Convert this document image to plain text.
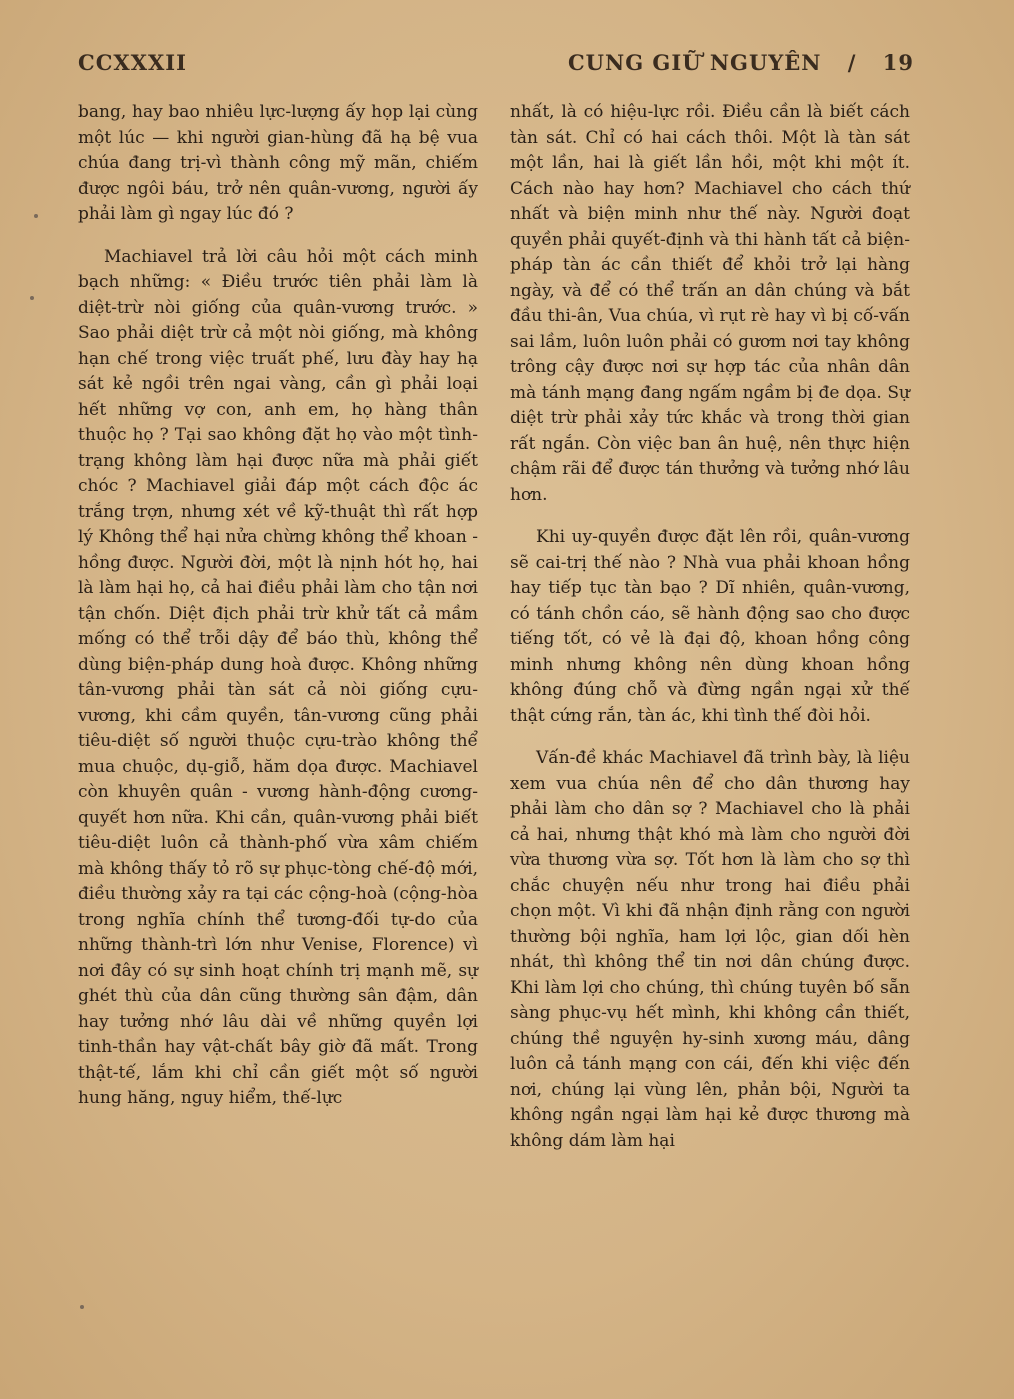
CCXXXII	CUNG GIỮ NGUYÊN / 19

bang, hay bao nhiêu lực-lượng ấy họp lại cùng một lúc — khi người gian-hùng đã hạ bệ vua chúa đang trị-vì thành công mỹ mãn, chiếm được ngôi báu, trở nên quân-vương, người ấy phải làm gì ngay lúc đó ?

Machiavel trả lời câu hỏi một cách minh bạch những: « Điều trước tiên phải làm là diệt-trừ nòi giống của quân-vương trước. » Sao phải diệt trừ cả một nòi giống, mà không hạn chế trong việc truất phế, lưu đày hay hạ sát kẻ ngồi trên ngai vàng, cần gì phải loại hết những vợ con, anh em, họ hàng thân thuộc họ ? Tại sao không đặt họ vào một tình-trạng không làm hại được nữa mà phải giết chóc ? Machiavel giải đáp một cách độc ác trắng trợn, nhưng xét về kỹ-thuật thì rất hợp lý Không thể hại nửa chừng không thể khoan - hồng được. Người đời, một là nịnh hót họ, hai là làm hại họ, cả hai điều phải làm cho tận nơi tận chốn. Diệt địch phải trừ khử tất cả mầm mống có thể trỗi dậy để báo thù, không thể dùng biện-pháp dung hoà được. Không những tân-vương phải tàn sát cả nòi giống cựu-vương, khi cầm quyền, tân-vương cũng phải tiêu-diệt số người thuộc cựu-trào không thể mua chuộc, dụ-giỗ, hăm dọa được. Machiavel còn khuyên quân - vương hành-động cương-quyết hơn nữa. Khi cần, quân-vương phải biết tiêu-diệt luôn cả thành-phố vừa xâm chiếm mà không thấy tỏ rõ sự phục-tòng chế-độ mới, điều thường xảy ra tại các cộng-hoà (cộng-hòa trong nghĩa chính thể tương-đối tự-do của những thành-trì lớn như Venise, Florence) vì nơi đây có sự sinh hoạt chính trị mạnh mẽ, sự ghét thù của dân cũng thường sân đậm, dân hay tưởng nhớ lâu dài về những quyền lợi tinh-thần hay vật-chất bây giờ đã mất. Trong thật-tế, lắm khi chỉ cần giết một số người hung hăng, nguy hiểm, thế-lực

nhất, là có hiệu-lực rồi. Điều cần là biết cách tàn sát. Chỉ có hai cách thôi. Một là tàn sát một lần, hai là giết lần hồi, một khi một ít. Cách nào hay hơn? Machiavel cho cách thứ nhất và biện minh như thế này. Người đoạt quyền phải quyết-định và thi hành tất cả biện-pháp tàn ác cần thiết để khỏi trở lại hàng ngày, và để có thể trấn an dân chúng và bắt đầu thi-ân, Vua chúa, vì rụt rè hay vì bị cố-vấn sai lầm, luôn luôn phải có gươm nơi tay không trông cậy được nơi sự hợp tác của nhân dân mà tánh mạng đang ngấm ngầm bị đe dọa. Sự diệt trừ phải xảy tức khắc và trong thời gian rất ngắn. Còn việc ban ân huệ, nên thực hiện chậm rãi để được tán thưởng và tưởng nhớ lâu hơn.

Khi uy-quyền được đặt lên rồi, quân-vương sẽ cai-trị thế nào ? Nhà vua phải khoan hồng hay tiếp tục tàn bạo ? Dĩ nhiên, quân-vương, có tánh chồn cáo, sẽ hành động sao cho được tiếng tốt, có vẻ là đại độ, khoan hồng công minh nhưng không nên dùng khoan hồng không đúng chỗ và đừng ngần ngại xử thế thật cứng rắn, tàn ác, khi tình thế đòi hỏi.

Vấn-đề khác Machiavel đã trình bày, là liệu xem vua chúa nên để cho dân thương hay phải làm cho dân sợ ? Machiavel cho là phải cả hai, nhưng thật khó mà làm cho người đời vừa thương vừa sợ. Tốt hơn là làm cho sợ thì chắc chuyện nếu như trong hai điều phải chọn một. Vì khi đã nhận định rằng con người thường bội nghĩa, ham lợi lộc, gian dối hèn nhát, thì không thể tin nơi dân chúng được. Khi làm lợi cho chúng, thì chúng tuyên bố sẵn sàng phục-vụ hết mình, khi không cần thiết, chúng thề nguyện hy-sinh xương máu, dâng luôn cả tánh mạng con cái, đến khi việc đến nơi, chúng lại vùng lên, phản bội, Người ta không ngần ngại làm hại kẻ được thương mà không dám làm hại
